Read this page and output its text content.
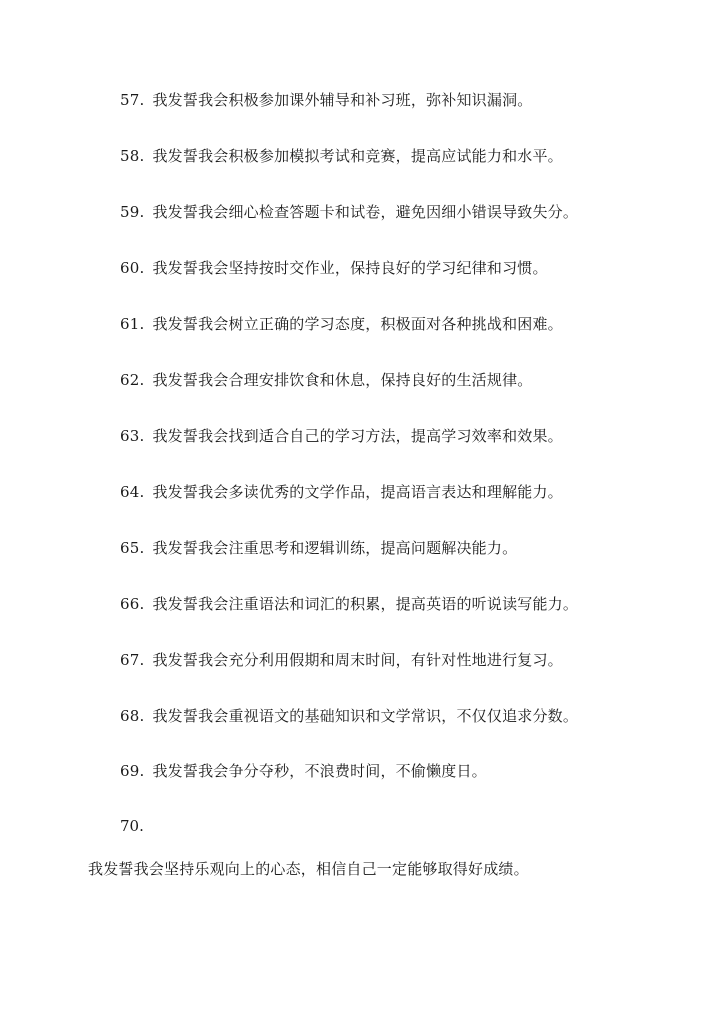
57. 我发誓我会积极参加课外辅导和补习班，弥补知识漏洞。
58. 我发誓我会积极参加模拟考试和竞赛，提高应试能力和水平。
59. 我发誓我会细心检查答题卡和试卷，避免因细小错误导致失分。
60. 我发誓我会坚持按时交作业，保持良好的学习纪律和习惯。
61. 我发誓我会树立正确的学习态度，积极面对各种挑战和困难。
62. 我发誓我会合理安排饮食和休息，保持良好的生活规律。
63. 我发誓我会找到适合自己的学习方法，提高学习效率和效果。
64. 我发誓我会多读优秀的文学作品，提高语言表达和理解能力。
65. 我发誓我会注重思考和逻辑训练，提高问题解决能力。
66. 我发誓我会注重语法和词汇的积累，提高英语的听说读写能力。
67. 我发誓我会充分利用假期和周末时间，有针对性地进行复习。
68. 我发誓我会重视语文的基础知识和文学常识，不仅仅追求分数。
69. 我发誓我会争分夺秒，不浪费时间，不偷懒度日。
70.
我发誓我会坚持乐观向上的心态，相信自己一定能够取得好成绩。
